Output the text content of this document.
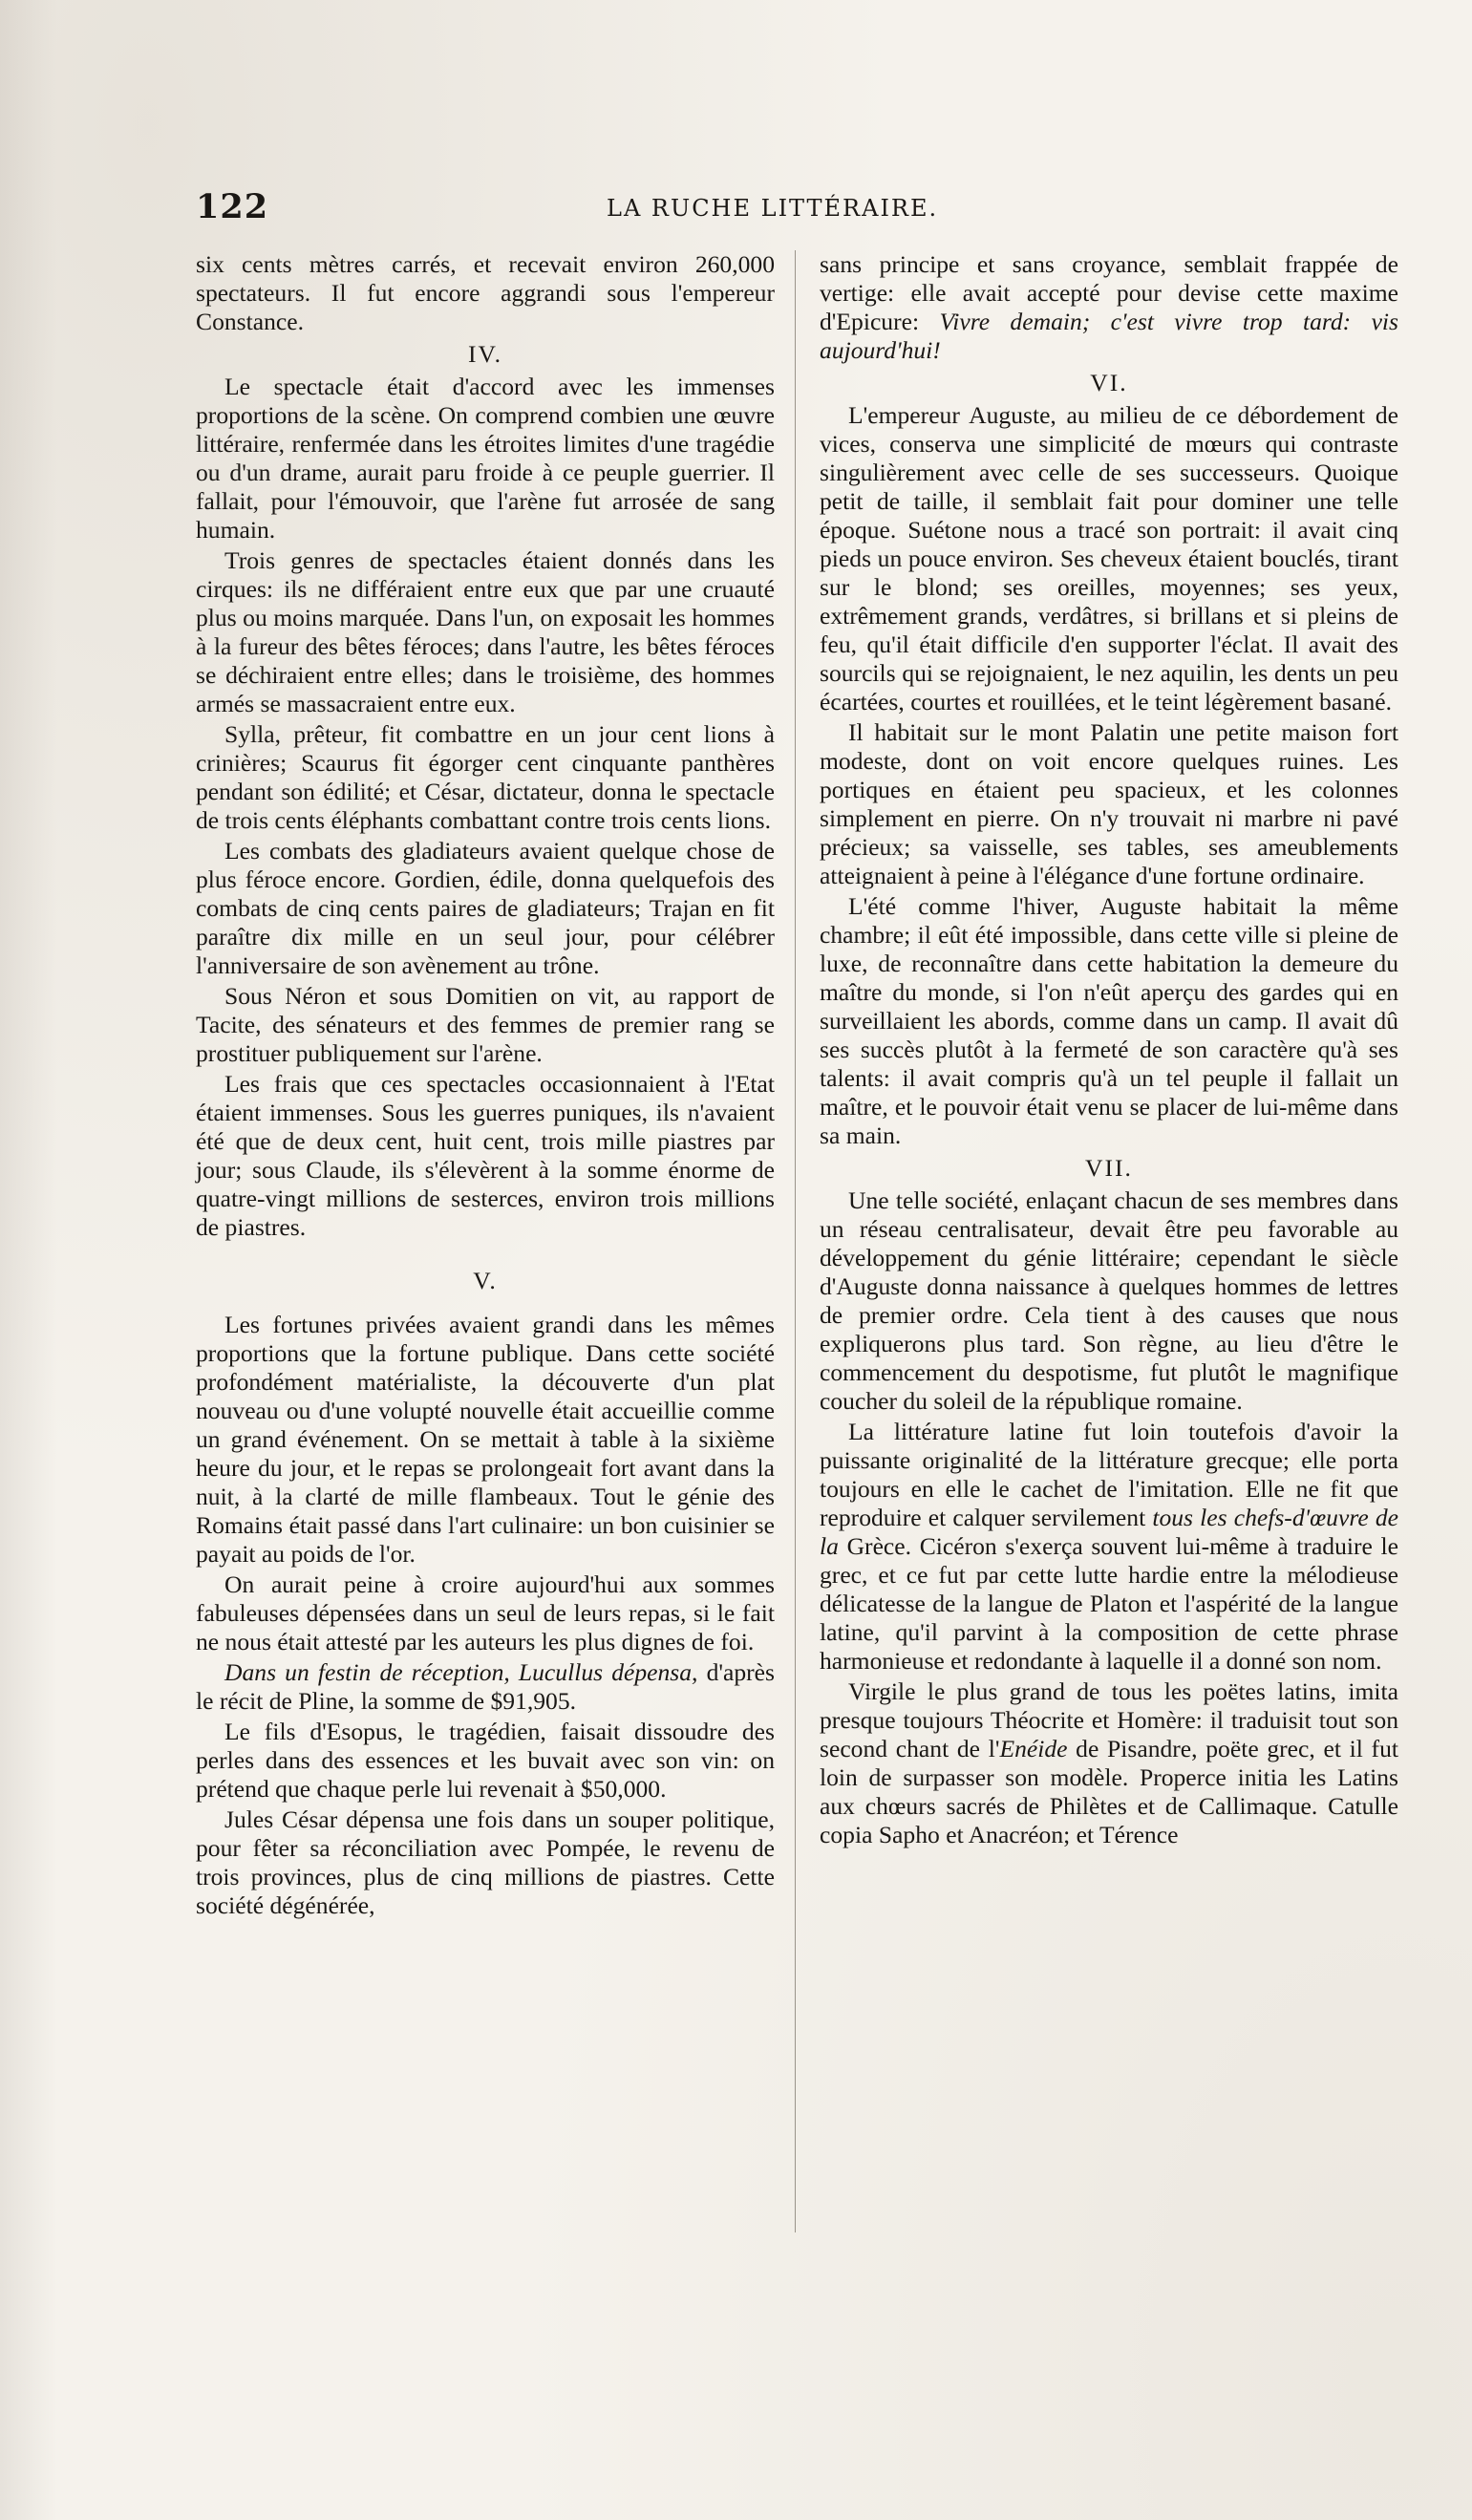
122	LA RUCHE LITTÉRAIRE.

six cents mètres carrés, et recevait environ 260,000 spectateurs. Il fut encore aggrandi sous l'empereur Constance.

IV.

Le spectacle était d'accord avec les immenses proportions de la scène. On comprend combien une œuvre littéraire, renfermée dans les étroites limites d'une tragédie ou d'un drame, aurait paru froide à ce peuple guerrier. Il fallait, pour l'émouvoir, que l'arène fut arrosée de sang humain.

Trois genres de spectacles étaient donnés dans les cirques: ils ne différaient entre eux que par une cruauté plus ou moins marquée. Dans l'un, on exposait les hommes à la fureur des bêtes féroces; dans l'autre, les bêtes féroces se déchiraient entre elles; dans le troisième, des hommes armés se massacraient entre eux.

Sylla, prêteur, fit combattre en un jour cent lions à crinières; Scaurus fit égorger cent cinquante panthères pendant son édilité; et César, dictateur, donna le spectacle de trois cents éléphants combattant contre trois cents lions.

Les combats des gladiateurs avaient quelque chose de plus féroce encore. Gordien, édile, donna quelquefois des combats de cinq cents paires de gladiateurs; Trajan en fit paraître dix mille en un seul jour, pour célébrer l'anniversaire de son avènement au trône.

Sous Néron et sous Domitien on vit, au rapport de Tacite, des sénateurs et des femmes de premier rang se prostituer publiquement sur l'arène.

Les frais que ces spectacles occasionnaient à l'Etat étaient immenses. Sous les guerres puniques, ils n'avaient été que de deux cent, huit cent, trois mille piastres par jour; sous Claude, ils s'élevèrent à la somme énorme de quatre-vingt millions de sesterces, environ trois millions de piastres.

V.

Les fortunes privées avaient grandi dans les mêmes proportions que la fortune publique. Dans cette société profondément matérialiste, la découverte d'un plat nouveau ou d'une volupté nouvelle était accueillie comme un grand événement. On se mettait à table à la sixième heure du jour, et le repas se prolongeait fort avant dans la nuit, à la clarté de mille flambeaux. Tout le génie des Romains était passé dans l'art culinaire: un bon cuisinier se payait au poids de l'or.

On aurait peine à croire aujourd'hui aux sommes fabuleuses dépensées dans un seul de leurs repas, si le fait ne nous était attesté par les auteurs les plus dignes de foi.

Dans un festin de réception, Lucullus dépensa, d'après le récit de Pline, la somme de $91,905.

Le fils d'Esopus, le tragédien, faisait dissoudre des perles dans des essences et les buvait avec son vin: on prétend que chaque perle lui revenait à $50,000.

Jules César dépensa une fois dans un souper politique, pour fêter sa réconciliation avec Pompée, le revenu de trois provinces, plus de cinq millions de piastres. Cette société dégénérée,

sans principe et sans croyance, semblait frappée de vertige: elle avait accepté pour devise cette maxime d'Epicure: Vivre demain; c'est vivre trop tard: vis aujourd'hui!

VI.

L'empereur Auguste, au milieu de ce débordement de vices, conserva une simplicité de mœurs qui contraste singulièrement avec celle de ses successeurs. Quoique petit de taille, il semblait fait pour dominer une telle époque. Suétone nous a tracé son portrait: il avait cinq pieds un pouce environ. Ses cheveux étaient bouclés, tirant sur le blond; ses oreilles, moyennes; ses yeux, extrêmement grands, verdâtres, si brillans et si pleins de feu, qu'il était difficile d'en supporter l'éclat. Il avait des sourcils qui se rejoignaient, le nez aquilin, les dents un peu écartées, courtes et rouillées, et le teint légèrement basané.

Il habitait sur le mont Palatin une petite maison fort modeste, dont on voit encore quelques ruines. Les portiques en étaient peu spacieux, et les colonnes simplement en pierre. On n'y trouvait ni marbre ni pavé précieux; sa vaisselle, ses tables, ses ameublements atteignaient à peine à l'élégance d'une fortune ordinaire.

L'été comme l'hiver, Auguste habitait la même chambre; il eût été impossible, dans cette ville si pleine de luxe, de reconnaître dans cette habitation la demeure du maître du monde, si l'on n'eût aperçu des gardes qui en surveillaient les abords, comme dans un camp. Il avait dû ses succès plutôt à la fermeté de son caractère qu'à ses talents: il avait compris qu'à un tel peuple il fallait un maître, et le pouvoir était venu se placer de lui-même dans sa main.

VII.

Une telle société, enlaçant chacun de ses membres dans un réseau centralisateur, devait être peu favorable au développement du génie littéraire; cependant le siècle d'Auguste donna naissance à quelques hommes de lettres de premier ordre. Cela tient à des causes que nous expliquerons plus tard. Son règne, au lieu d'être le commencement du despotisme, fut plutôt le magnifique coucher du soleil de la république romaine.

La littérature latine fut loin toutefois d'avoir la puissante originalité de la littérature grecque; elle porta toujours en elle le cachet de l'imitation. Elle ne fit que reproduire et calquer servilement tous les chefs-d'œuvre de la Grèce. Cicéron s'exerça souvent lui-même à traduire le grec, et ce fut par cette lutte hardie entre la mélodieuse délicatesse de la langue de Platon et l'aspérité de la langue latine, qu'il parvint à la composition de cette phrase harmonieuse et redondante à laquelle il a donné son nom.

Virgile le plus grand de tous les poëtes latins, imita presque toujours Théocrite et Homère: il traduisit tout son second chant de l'Enéide de Pisandre, poëte grec, et il fut loin de surpasser son modèle. Properce initia les Latins aux chœurs sacrés de Philètes et de Callimaque. Catulle copia Sapho et Anacréon; et Térence
